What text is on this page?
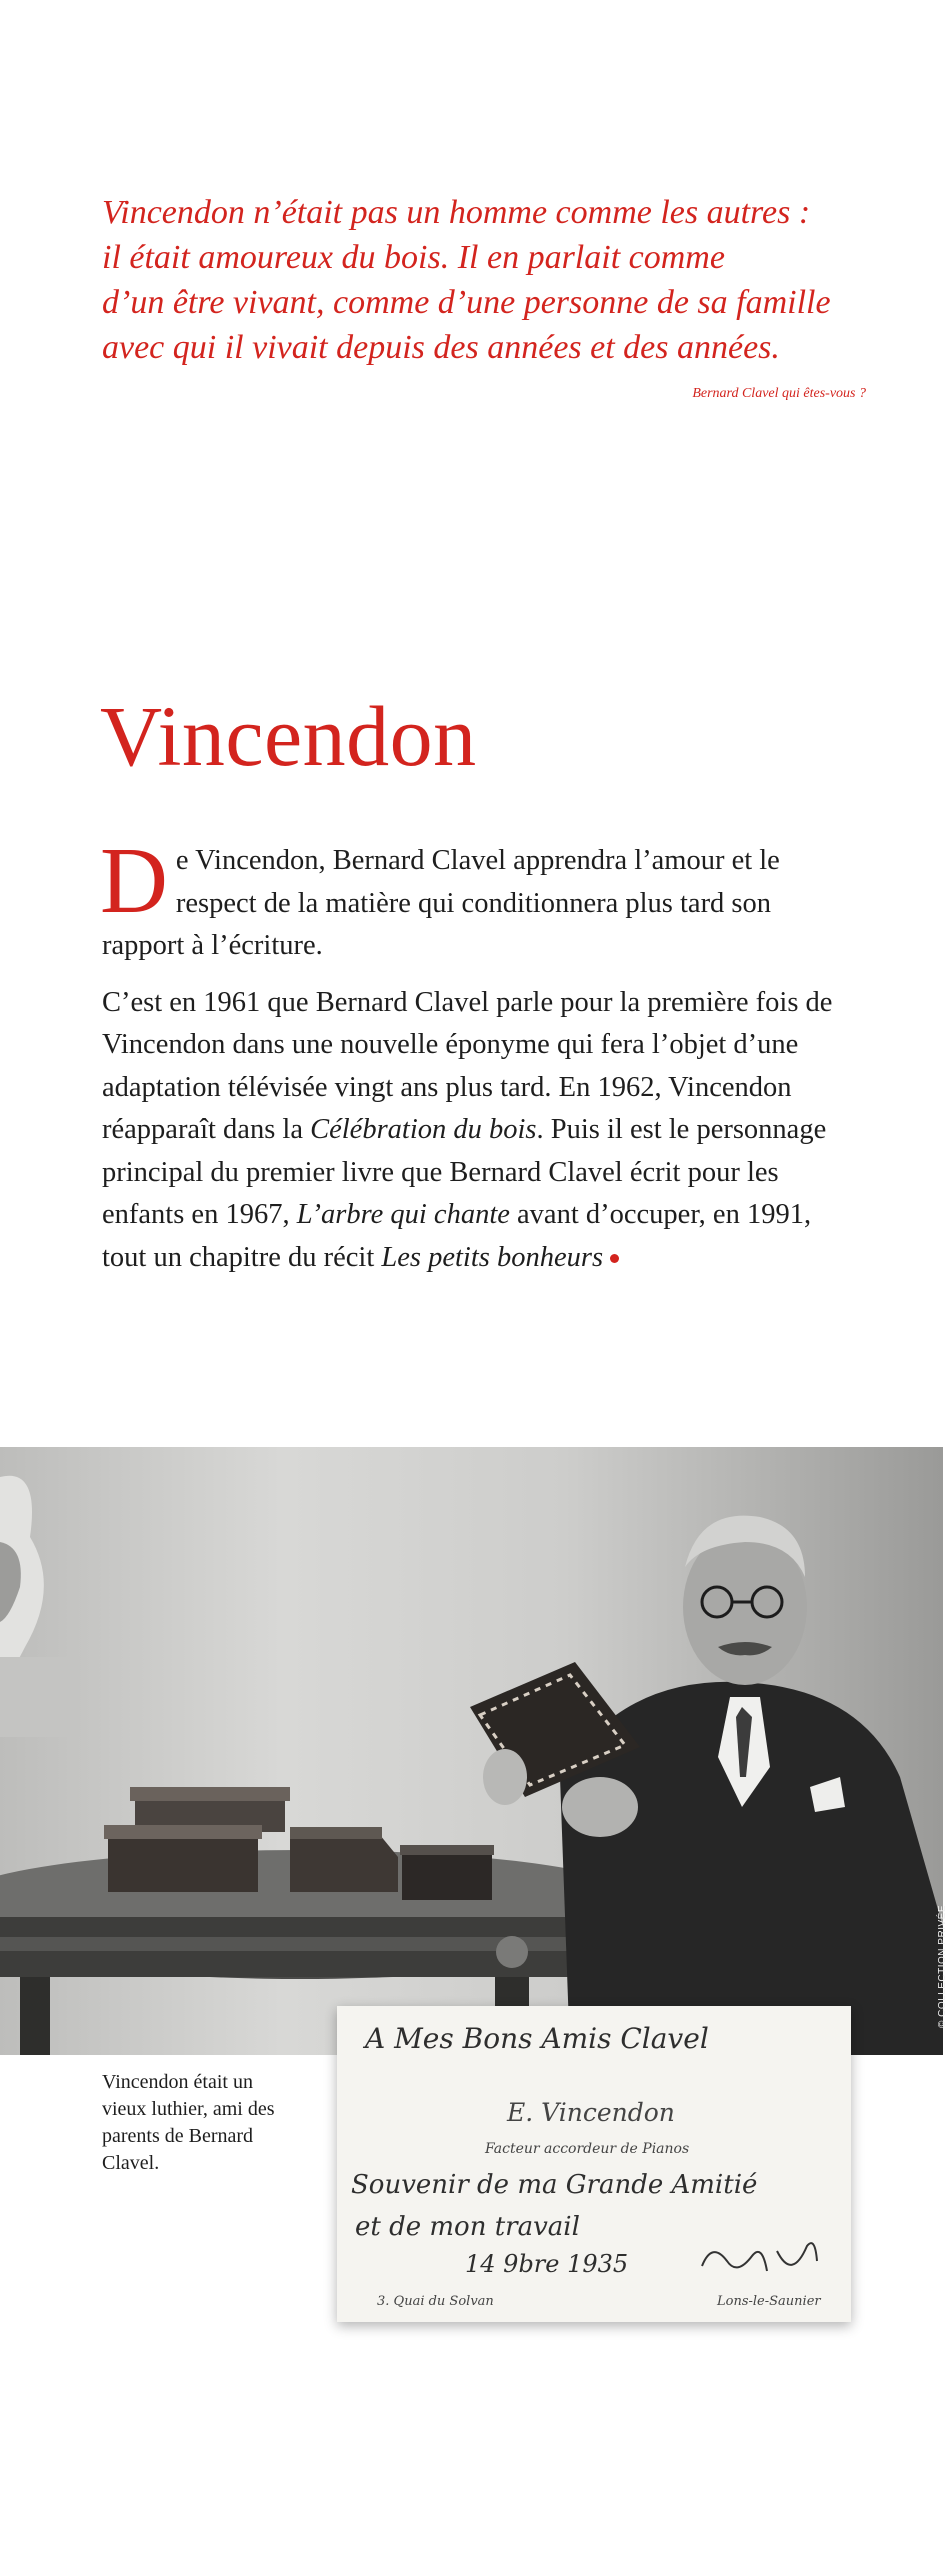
Vincendon n’était pas un homme comme les autres :

il était amoureux du bois. Il en parlait comme

d’un être vivant, comme d’une personne de sa famille

avec qui il vivait depuis des années et des années.

Bernard Clavel qui êtes-vous ?
Vincendon

De Vincendon, Bernard Clavel apprendra l’amour et le respect de la matière qui conditionnera plus tard son rapport à l’écriture.

C’est en 1961 que Bernard Clavel parle pour la première fois de Vincendon dans une nouvelle éponyme qui fera l’objet d’une adaptation télévisée vingt ans plus tard. En 1962, Vincendon réapparaît dans la Célébration du bois. Puis il est le personnage principal du premier livre que Bernard Clavel écrit pour les enfants en 1967, L’arbre qui chante avant d’occuper, en 1991, tout un chapitre du récit Les petits bonheurs

© COLLECTION PRIVÉE
Vincendon était un vieux luthier, ami des parents de Bernard Clavel.
A Mes Bons Amis Clavel
E. Vincendon
Facteur accordeur de Pianos
Souvenir de ma Grande Amitié
et de mon travail
14 9bre 1935
3. Quai du Solvan	Lons-le-Saunier
